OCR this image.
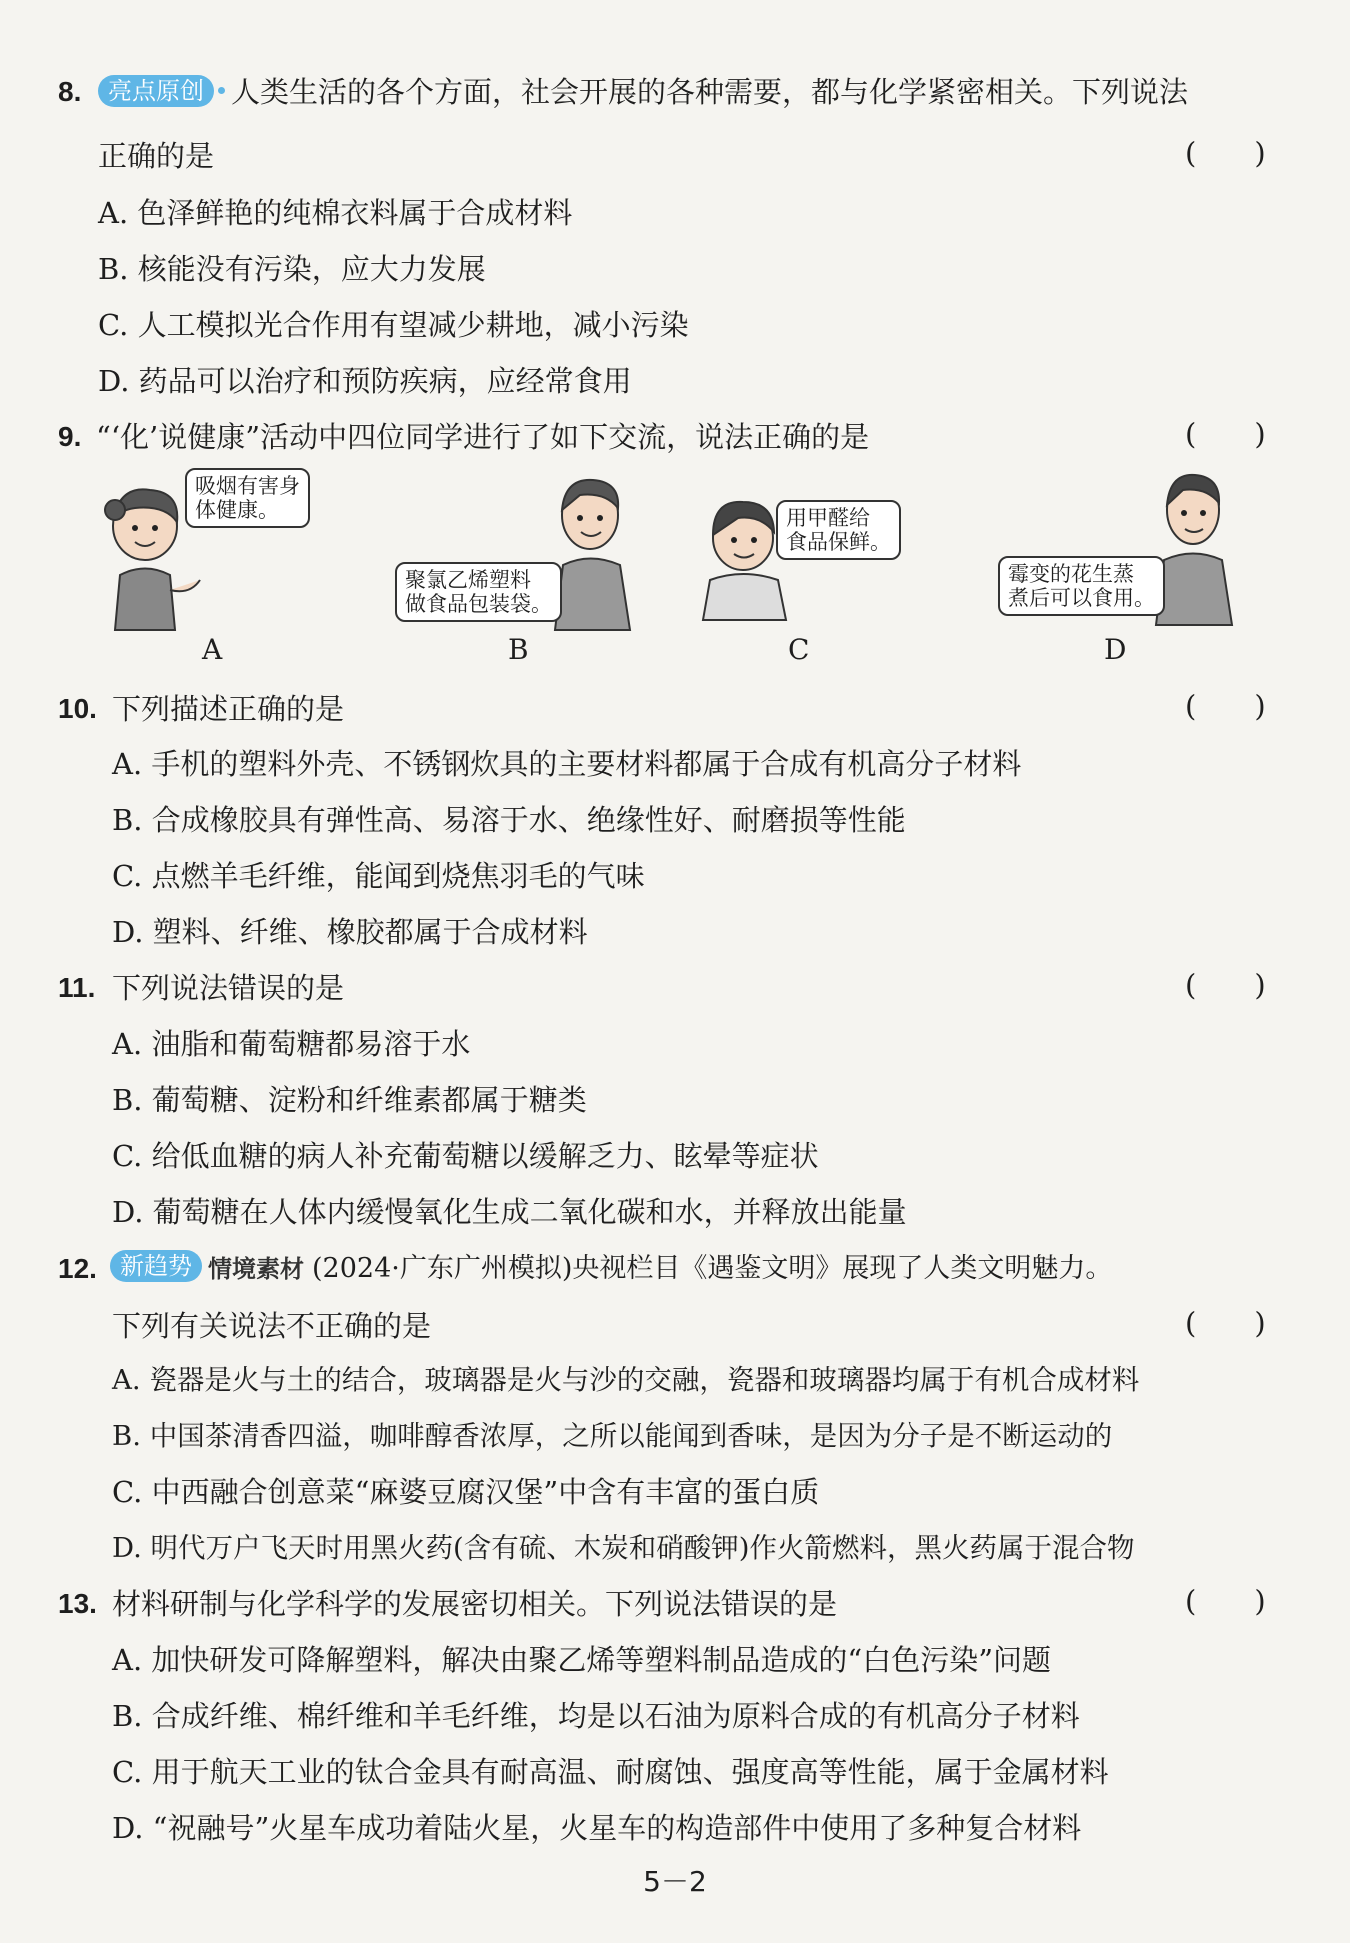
8.	亮点原创 人类生活的各个方面，社会开展的各种需要，都与化学紧密相关。下列说法
正确的是	(　　)
A. 色泽鲜艳的纯棉衣料属于合成材料
B. 核能没有污染，应大力发展
C. 人工模拟光合作用有望减少耕地，减小污染
D. 药品可以治疗和预防疾病，应经常食用
9. “‘化’说健康”活动中四位同学进行了如下交流，说法正确的是	(　　)
吸烟有害身
体健康。
A
聚氯乙烯塑料
做食品包装袋。
B
用甲醛给
食品保鲜。
C
霉变的花生蒸
煮后可以食用。
D
10. 下列描述正确的是	(　　)
A. 手机的塑料外壳、不锈钢炊具的主要材料都属于合成有机高分子材料
B. 合成橡胶具有弹性高、易溶于水、绝缘性好、耐磨损等性能
C. 点燃羊毛纤维，能闻到烧焦羽毛的气味
D. 塑料、纤维、橡胶都属于合成材料
11. 下列说法错误的是	(　　)
A. 油脂和葡萄糖都易溶于水
B. 葡萄糖、淀粉和纤维素都属于糖类
C. 给低血糖的病人补充葡萄糖以缓解乏力、眩晕等症状
D. 葡萄糖在人体内缓慢氧化生成二氧化碳和水，并释放出能量
12. 新趋势 情境素材 (2024·广东广州模拟)央视栏目《遇鉴文明》展现了人类文明魅力。
下列有关说法不正确的是	(　　)
A. 瓷器是火与土的结合，玻璃器是火与沙的交融，瓷器和玻璃器均属于有机合成材料
B. 中国茶清香四溢，咖啡醇香浓厚，之所以能闻到香味，是因为分子是不断运动的
C. 中西融合创意菜“麻婆豆腐汉堡”中含有丰富的蛋白质
D. 明代万户飞天时用黑火药(含有硫、木炭和硝酸钾)作火箭燃料，黑火药属于混合物
13. 材料研制与化学科学的发展密切相关。下列说法错误的是	(　　)
A. 加快研发可降解塑料，解决由聚乙烯等塑料制品造成的“白色污染”问题
B. 合成纤维、棉纤维和羊毛纤维，均是以石油为原料合成的有机高分子材料
C. 用于航天工业的钛合金具有耐高温、耐腐蚀、强度高等性能，属于金属材料
D. “祝融号”火星车成功着陆火星，火星车的构造部件中使用了多种复合材料
5－2
